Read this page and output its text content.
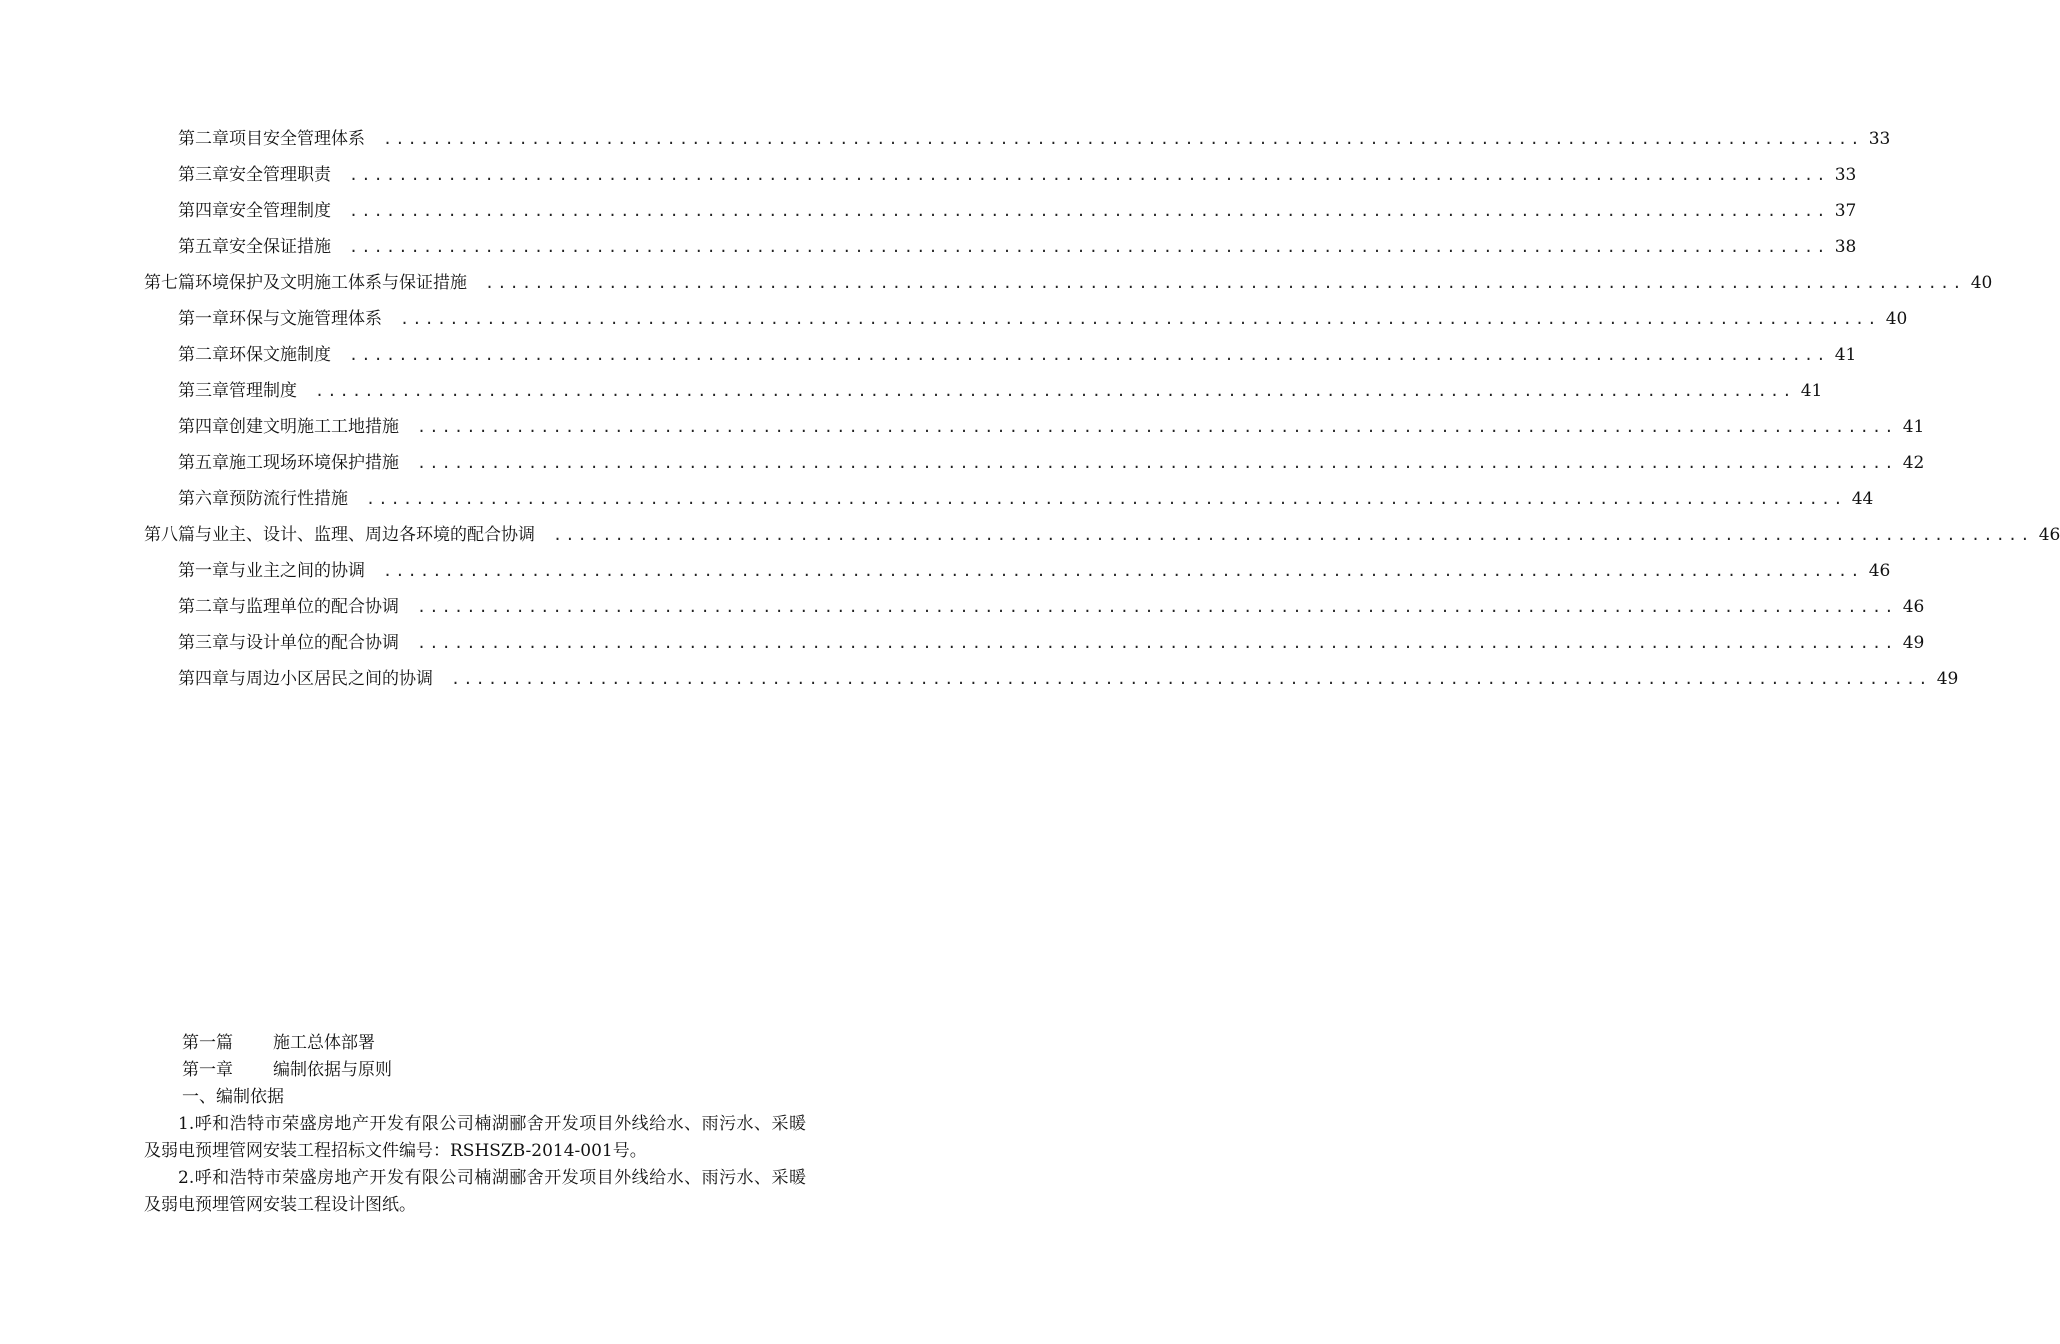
第二章 项目安全管理体系 ........................................................................................................................ 33
第三章 安全管理职责 ........................................................................................................................ 33
第四章 安全管理制度 ........................................................................................................................ 37
第五章 安全保证措施 ........................................................................................................................ 38
第七篇 环境保护及文明施工体系与保证措施 ........................................................................................................................ 40
第一章 环保与文施管理体系 ........................................................................................................................ 40
第二章 环保文施制度 ........................................................................................................................ 41
第三章 管理制度 ........................................................................................................................ 41
第四章 创建文明施工工地措施 ........................................................................................................................ 41
第五章 施工现场环境保护措施 ........................................................................................................................ 42
第六章 预防流行性措施 ........................................................................................................................ 44
第八篇 与业主、设计、监理、周边各环境的配合协调 ........................................................................................................................ 46
第一章 与业主之间的协调 ........................................................................................................................ 46
第二章 与监理单位的配合协调 ........................................................................................................................ 46
第三章 与设计单位的配合协调 ........................................................................................................................ 49
第四章 与周边小区居民之间的协调 ........................................................................................................................ 49
第一篇 施工总体部署
第一章 编制依据与原则
一、编制依据
1.呼和浩特市荣盛房地产开发有限公司楠湖郦舍开发项目外线给水、雨污水、采暖及弱电预埋管网安装工程招标文件编号：RSHSZB-2014-001号。
2.呼和浩特市荣盛房地产开发有限公司楠湖郦舍开发项目外线给水、雨污水、采暖及弱电预埋管网安装工程设计图纸。
